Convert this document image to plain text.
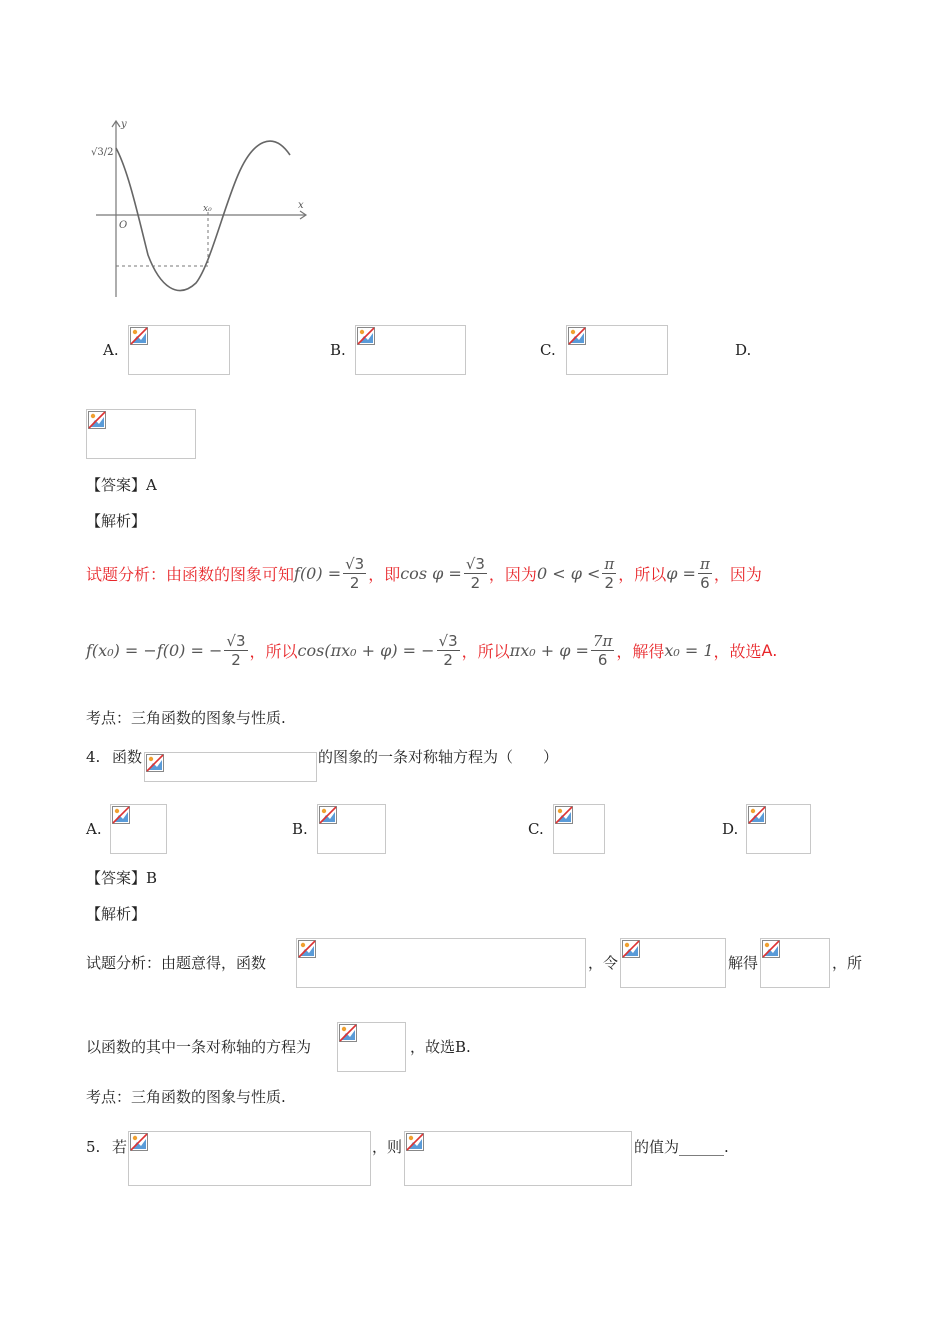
√3/2
O
x₀	x
y
A.	B.	C.	D.
【答案】A
【解析】
试题分析：由函数的图象可知 $f(0) = \frac{√3}{2}$ ，即 $\cos \varphi = \frac{√3}{2}$ ，因为 $0 < \varphi < \frac{\pi}{2}$ ，所以 $\varphi = \frac{\pi}{6}$ ，因为
f(x₀) = −f(0) = − $\frac{√3}{2}$ ，所以 cos(πx₀ + φ) = − $\frac{√3}{2}$ ，所以 $\pi x_0 + \varphi = \frac{7\pi}{6}$ ，解得 x₀ = 1 ，故选 A.
考点：三角函数的图象与性质.
4. 函数	的图象的一条对称轴方程为（　　）
A.	B.	C.	D.
【答案】B
【解析】
试题分析：由题意得，函数	，令	解得	，所
以函数的其中一条对称轴的方程为	，故选B.
考点：三角函数的图象与性质.
5. 若	，则	的值为______.
